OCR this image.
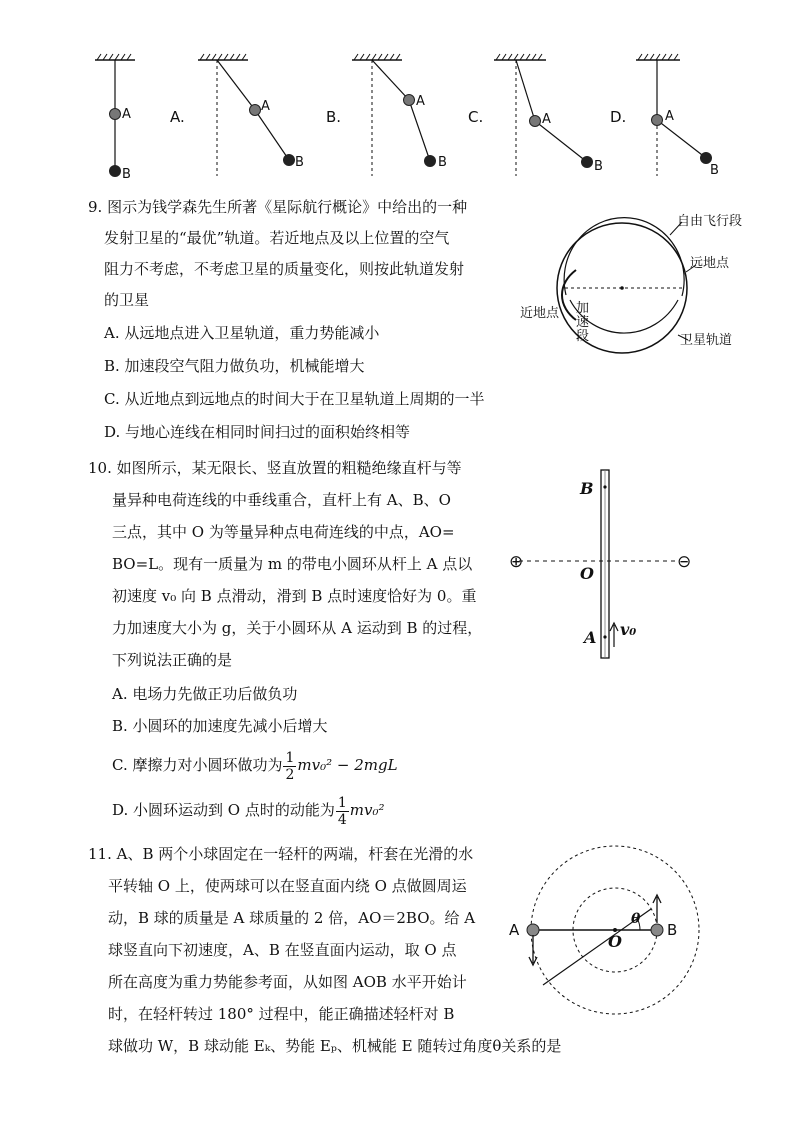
A
B
A.
A
B
B.
A
B
C.	A
B
D.	A
B
9. 图示为钱学森先生所著《星际航行概论》中给出的一种
发射卫星的“最优”轨道。若近地点及以上位置的空气
阻力不考虑，不考虑卫星的质量变化，则按此轨道发射
的卫星
A. 从远地点进入卫星轨道，重力势能减小
B. 加速段空气阻力做负功，机械能增大
C. 从近地点到远地点的时间大于在卫星轨道上周期的一半
D. 与地心连线在相同时间扫过的面积始终相等
自由飞行段
远地点
近地点
卫星轨道
加
速
段
10. 如图所示，某无限长、竖直放置的粗糙绝缘直杆与等
量异种电荷连线的中垂线重合，直杆上有 A、B、O
三点，其中 O 为等量异种点电荷连线的中点，AO=
BO=L。现有一质量为 m 的带电小圆环从杆上 A 点以
初速度 v₀ 向 B 点滑动，滑到 B 点时速度恰好为 0。重
力加速度大小为 g，关于小圆环从 A 运动到 B 的过程，
下列说法正确的是
A. 电场力先做正功后做负功
B. 小圆环的加速度先减小后增大
C. 摩擦力对小圆环做功为 $\frac{1}{2} mv_0^2 - 2mgL$
D. 小圆环运动到 O 点时的动能为 $\frac{1}{4} mv_0^2$
⊕	⊖
B
O
A v₀
11. A、B 两个小球固定在一轻杆的两端，杆套在光滑的水
平转轴 O 上，使两球可以在竖直面内绕 O 点做圆周运
动，B 球的质量是 A 球质量的 2 倍，AO＝2BO。给 A
球竖直向下初速度，A、B 在竖直面内运动，取 O 点
所在高度为重力势能参考面，从如图 AOB 水平开始计
时，在轻杆转过 180° 过程中，能正确描述轻杆对 B
球做功 W，B 球动能 Eₖ、势能 Eₚ、机械能 E 随转过角度θ关系的是
A	B
O
θ
